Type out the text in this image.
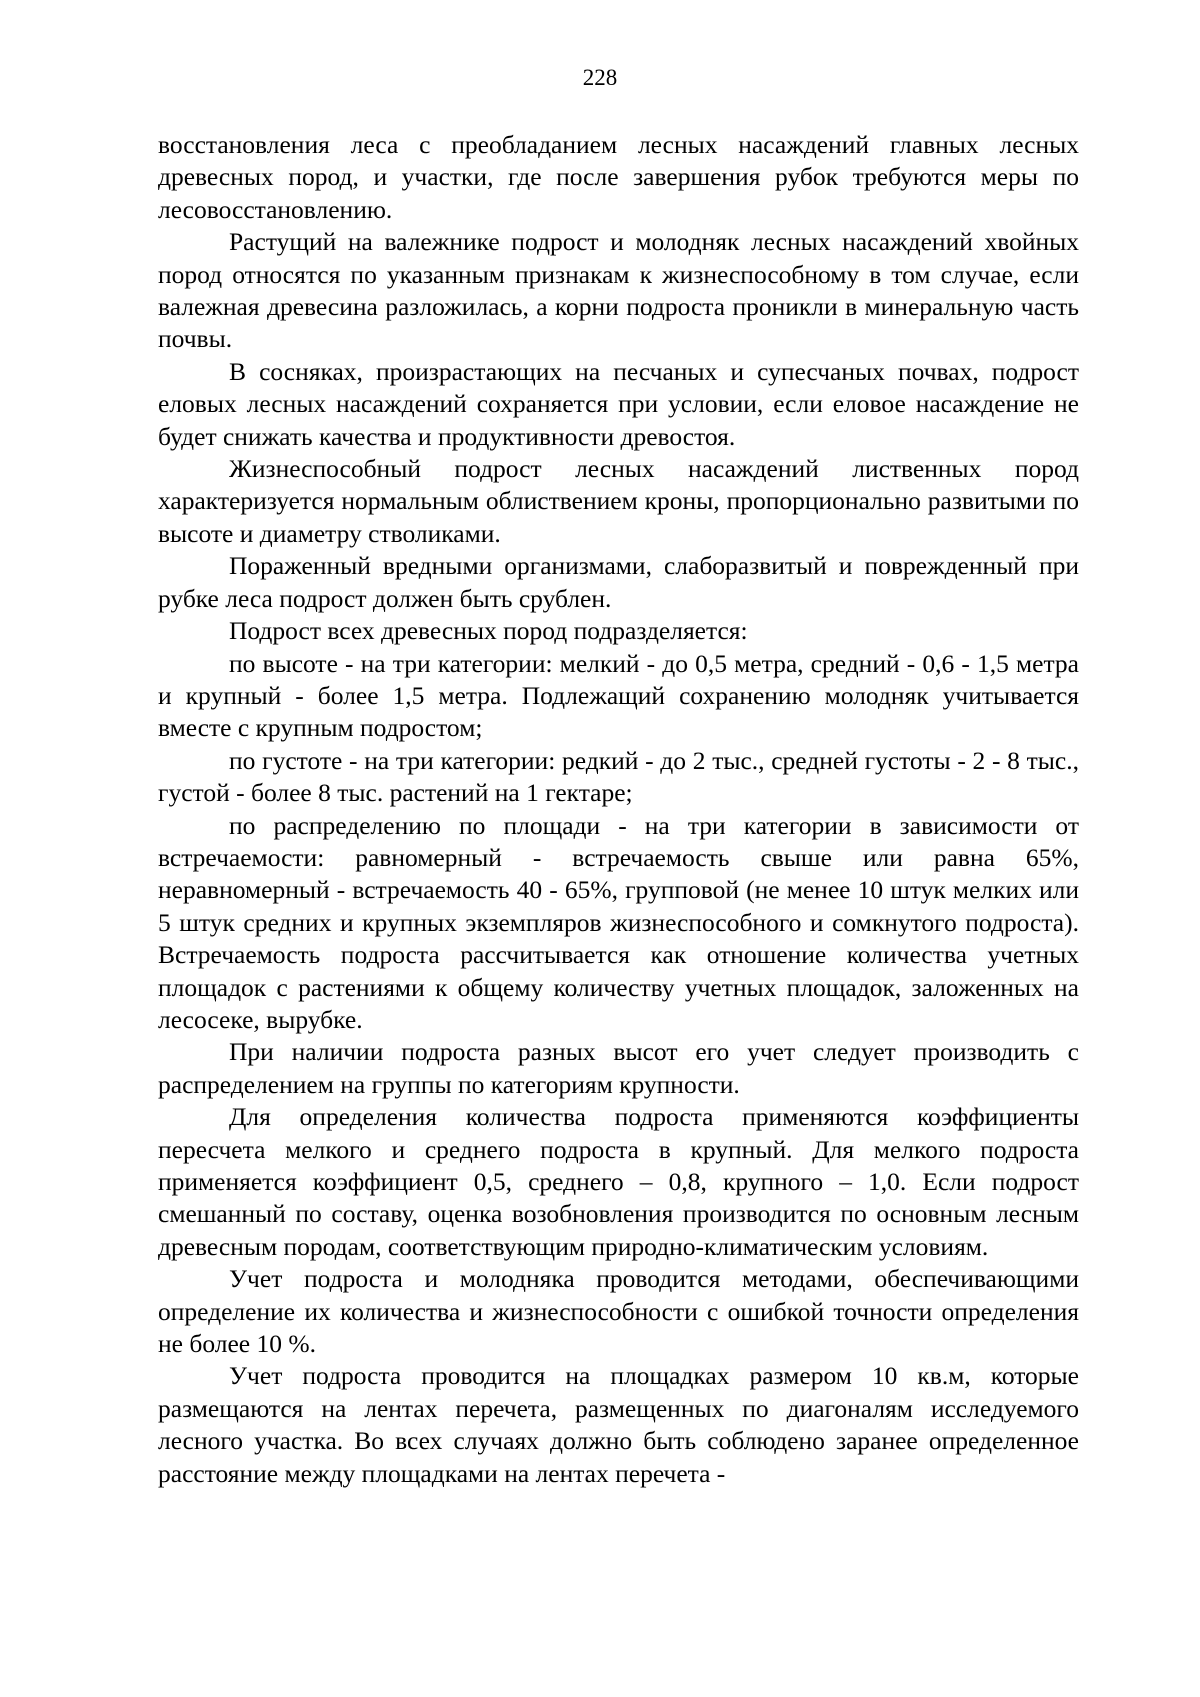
228

восстановления леса с преобладанием лесных насаждений главных лесных древесных пород, и участки, где после завершения рубок требуются меры по лесовосстановлению.

Растущий на валежнике подрост и молодняк лесных насаждений хвойных пород относятся по указанным признакам к жизнеспособному в том случае, если валежная древесина разложилась, а корни подроста проникли в минеральную часть почвы.

В сосняках, произрастающих на песчаных и супесчаных почвах, подрост еловых лесных насаждений сохраняется при условии, если еловое насаждение не будет снижать качества и продуктивности древостоя.

Жизнеспособный подрост лесных насаждений лиственных пород характеризуется нормальным облиствением кроны, пропорционально развитыми по высоте и диаметру стволиками.

Пораженный вредными организмами, слаборазвитый и поврежденный при рубке леса подрост должен быть срублен.

Подрост всех древесных пород подразделяется:

по высоте - на три категории: мелкий - до 0,5 метра, средний - 0,6 - 1,5 метра и крупный - более 1,5 метра. Подлежащий сохранению молодняк учитывается вместе с крупным подростом;

по густоте - на три категории: редкий - до 2 тыс., средней густоты - 2 - 8 тыс., густой - более 8 тыс. растений на 1 гектаре;

по распределению по площади - на три категории в зависимости от встречаемости: равномерный - встречаемость свыше или равна 65%, неравномерный - встречаемость 40 - 65%, групповой (не менее 10 штук мелких или 5 штук средних и крупных экземпляров жизнеспособного и сомкнутого подроста). Встречаемость подроста рассчитывается как отношение количества учетных площадок с растениями к общему количеству учетных площадок, заложенных на лесосеке, вырубке.

При наличии подроста разных высот его учет следует производить с распределением на группы по категориям крупности.

Для определения количества подроста применяются коэффициенты пересчета мелкого и среднего подроста в крупный. Для мелкого подроста применяется коэффициент 0,5, среднего – 0,8, крупного – 1,0. Если подрост смешанный по составу, оценка возобновления производится по основным лесным древесным породам, соответствующим природно-климатическим условиям.

Учет подроста и молодняка проводится методами, обеспечивающими определение их количества и жизнеспособности с ошибкой точности определения не более 10 %.

Учет подроста проводится на площадках размером 10 кв.м, которые размещаются на лентах перечета, размещенных по диагоналям исследуемого лесного участка. Во всех случаях должно быть соблюдено заранее определенное расстояние между площадками на лентах перечета -
